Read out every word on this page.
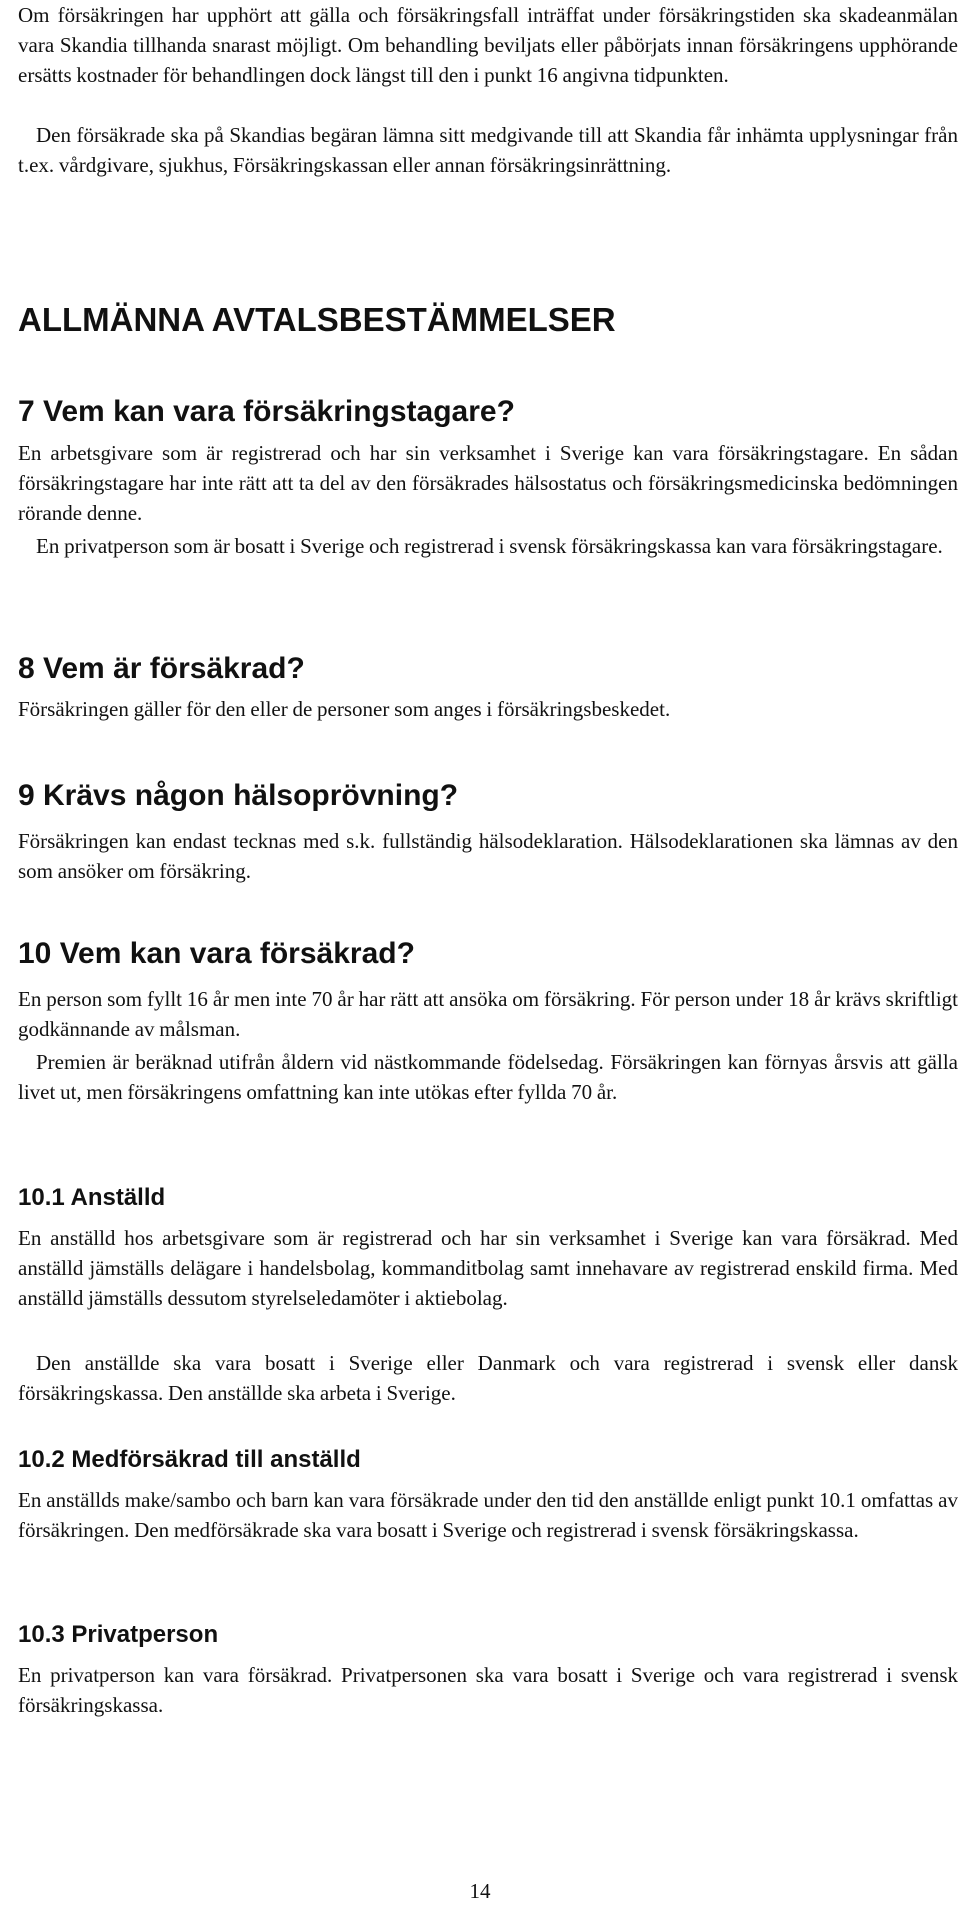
Om försäkringen har upphört att gälla och försäkringsfall inträffat under försäkringstiden ska skadeanmälan vara Skandia tillhanda snarast möjligt. Om behandling beviljats eller påbörjats innan försäkringens upphörande ersätts kostnader för behandlingen dock längst till den i punkt 16 angivna tidpunkten.

Den försäkrade ska på Skandias begäran lämna sitt medgivande till att Skandia får inhämta upplysningar från t.ex. vårdgivare, sjukhus, Försäkringskassan eller annan försäkringsinrättning.

ALLMÄNNA AVTALSBESTÄMMELSER
7 Vem kan vara försäkringstagare?

En arbetsgivare som är registrerad och har sin verksamhet i Sverige kan vara försäkringstagare. En sådan försäkringstagare har inte rätt att ta del av den försäkrades hälsostatus och försäkringsmedicinska bedömningen rörande denne.

En privatperson som är bosatt i Sverige och registrerad i svensk försäkringskassa kan vara försäkringstagare.

8 Vem är försäkrad?

Försäkringen gäller för den eller de personer som anges i försäkringsbeskedet.

9 Krävs någon hälsoprövning?

Försäkringen kan endast tecknas med s.k. fullständig hälsodeklaration. Hälsodeklarationen ska lämnas av den som ansöker om försäkring.

10 Vem kan vara försäkrad?

En person som fyllt 16 år men inte 70 år har rätt att ansöka om försäkring. För person under 18 år krävs skriftligt godkännande av målsman.

Premien är beräknad utifrån åldern vid nästkommande födelsedag. Försäkringen kan förnyas årsvis att gälla livet ut, men försäkringens omfattning kan inte utökas efter fyllda 70 år.

10.1 Anställd

En anställd hos arbetsgivare som är registrerad och har sin verksamhet i Sverige kan vara försäkrad. Med anställd jämställs delägare i handelsbolag, kommanditbolag samt innehavare av registrerad enskild firma. Med anställd jämställs dessutom styrelseledamöter i aktiebolag.

Den anställde ska vara bosatt i Sverige eller Danmark och vara registrerad i svensk eller dansk försäkringskassa. Den anställde ska arbeta i Sverige.

10.2 Medförsäkrad till anställd

En anställds make/sambo och barn kan vara försäkrade under den tid den anställde enligt punkt 10.1 omfattas av försäkringen. Den medförsäkrade ska vara bosatt i Sverige och registrerad i svensk försäkringskassa.

10.3 Privatperson

En privatperson kan vara försäkrad. Privatpersonen ska vara bosatt i Sverige och vara registrerad i svensk försäkringskassa.

14
